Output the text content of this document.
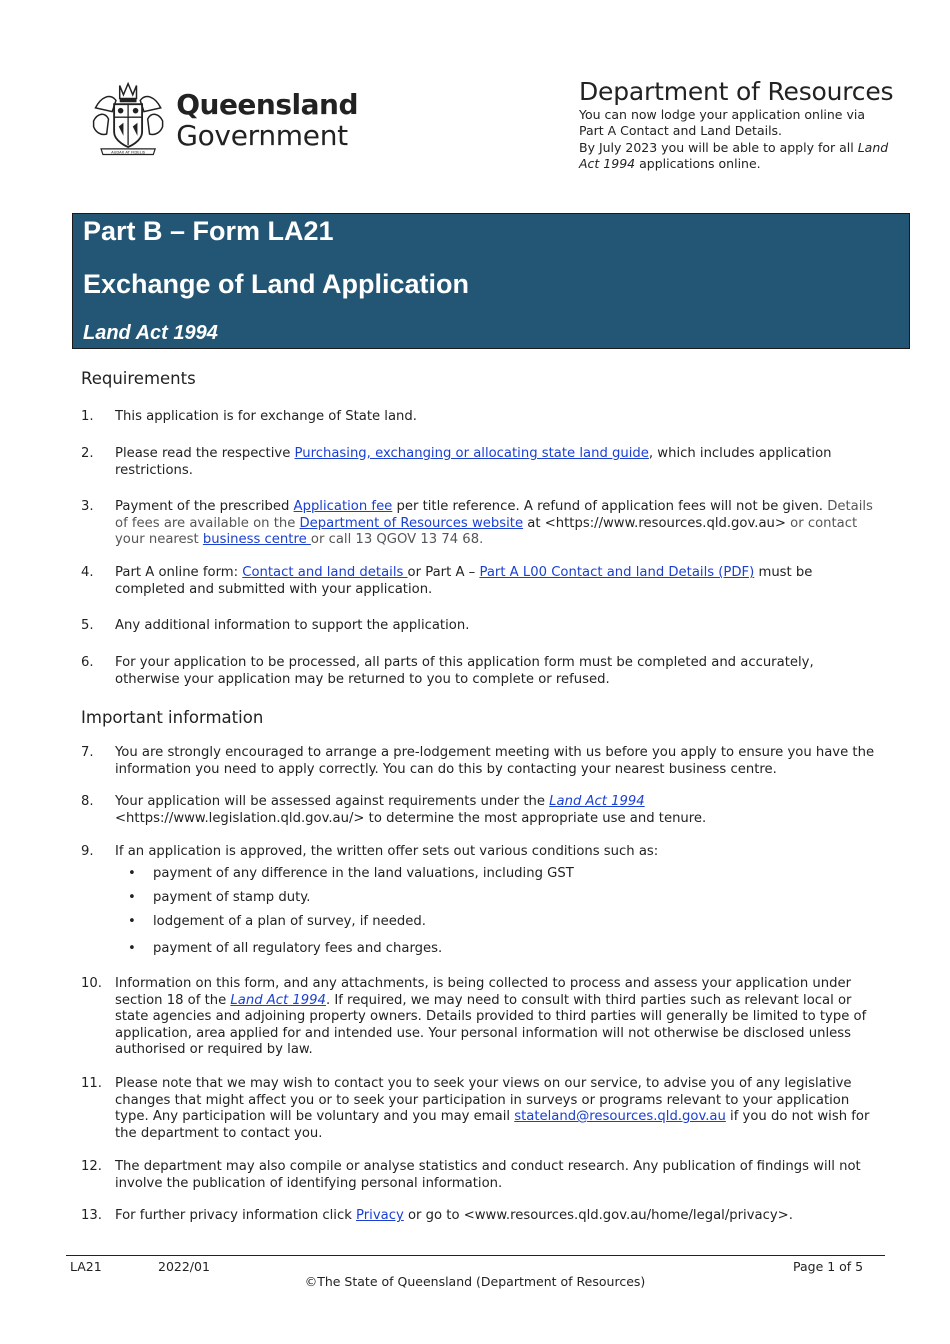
AUDAX AT FIDELIS
Queensland
Government
Department of Resources

You can now lodge your application online via

Part A Contact and Land Details.

By July 2023 you will be able to apply for all Land

Act 1994 applications online.

Part B – Form LA21
Exchange of Land Application
Land Act 1994
Requirements
1. This application is for exchange of State land.
2. Please read the respective Purchasing, exchanging or allocating state land guide, which includes application restrictions.
3. Payment of the prescribed Application fee per title reference. A refund of application fees will not be given. Details of fees are available on the Department of Resources website at <https://www.resources.qld.gov.au> or contact your nearest business centre or call 13 QGOV 13 74 68.
4. Part A online form: Contact and land details or Part A – Part A L00 Contact and land Details (PDF) must be completed and submitted with your application.
5. Any additional information to support the application.
6. For your application to be processed, all parts of this application form must be completed and accurately, otherwise your application may be returned to you to complete or refused.
Important information
7. You are strongly encouraged to arrange a pre-lodgement meeting with us before you apply to ensure you have the information you need to apply correctly. You can do this by contacting your nearest business centre.
8. Your application will be assessed against requirements under the Land Act 1994 <https://www.legislation.qld.gov.au/> to determine the most appropriate use and tenure.
9. If an application is approved, the written offer sets out various conditions such as:
• payment of any difference in the land valuations, including GST
• payment of stamp duty.
• lodgement of a plan of survey, if needed.
• payment of all regulatory fees and charges.
10. Information on this form, and any attachments, is being collected to process and assess your application under section 18 of the Land Act 1994. If required, we may need to consult with third parties such as relevant local or state agencies and adjoining property owners. Details provided to third parties will generally be limited to type of application, area applied for and intended use. Your personal information will not otherwise be disclosed unless authorised or required by law.
11. Please note that we may wish to contact you to seek your views on our service, to advise you of any legislative changes that might affect you or to seek your participation in surveys or programs relevant to your application type. Any participation will be voluntary and you may email stateland@resources.qld.gov.au if you do not wish for the department to contact you.
12. The department may also compile or analyse statistics and conduct research. Any publication of findings will not involve the publication of identifying personal information.
13. For further privacy information click Privacy or go to <www.resources.qld.gov.au/home/legal/privacy>.
LA21	2022/01	Page 1 of 5
©The State of Queensland (Department of Resources)
